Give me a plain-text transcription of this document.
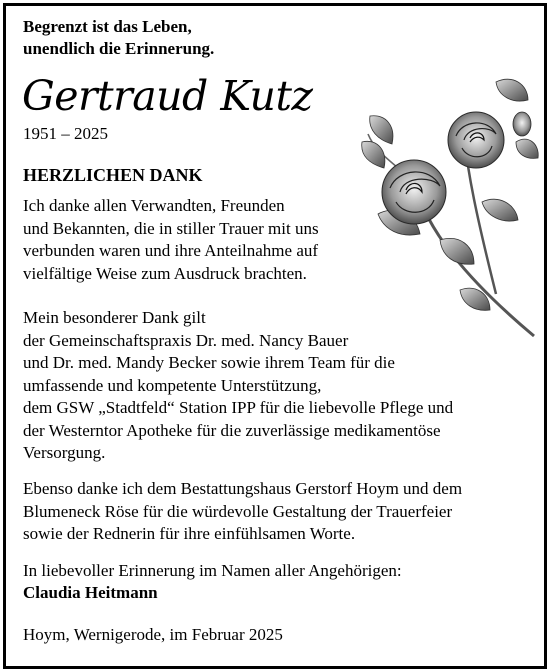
Begrenzt ist das Leben,
unendlich die Erinnerung.
Gertraud Kutz
1951 – 2025
HERZLICHEN DANK
Ich danke allen Verwandten, Freunden
und Bekannten, die in stiller Trauer mit uns
verbunden waren und ihre Anteilnahme auf
vielfältige Weise zum Ausdruck brachten.
Mein besonderer Dank gilt
der Gemeinschaftspraxis Dr. med. Nancy Bauer
und Dr. med. Mandy Becker sowie ihrem Team für die
umfassende und kompetente Unterstützung,
dem GSW „Stadtfeld“ Station IPP für die liebevolle Pflege und
der Westerntor Apotheke für die zuverlässige medikamentöse
Versorgung.
Ebenso danke ich dem Bestattungshaus Gerstorf Hoym und dem
Blumeneck Röse für die würdevolle Gestaltung der Trauerfeier
sowie der Rednerin für ihre einfühlsamen Worte.
In liebevoller Erinnerung im Namen aller Angehörigen:
Claudia Heitmann
Hoym, Wernigerode, im Februar 2025
